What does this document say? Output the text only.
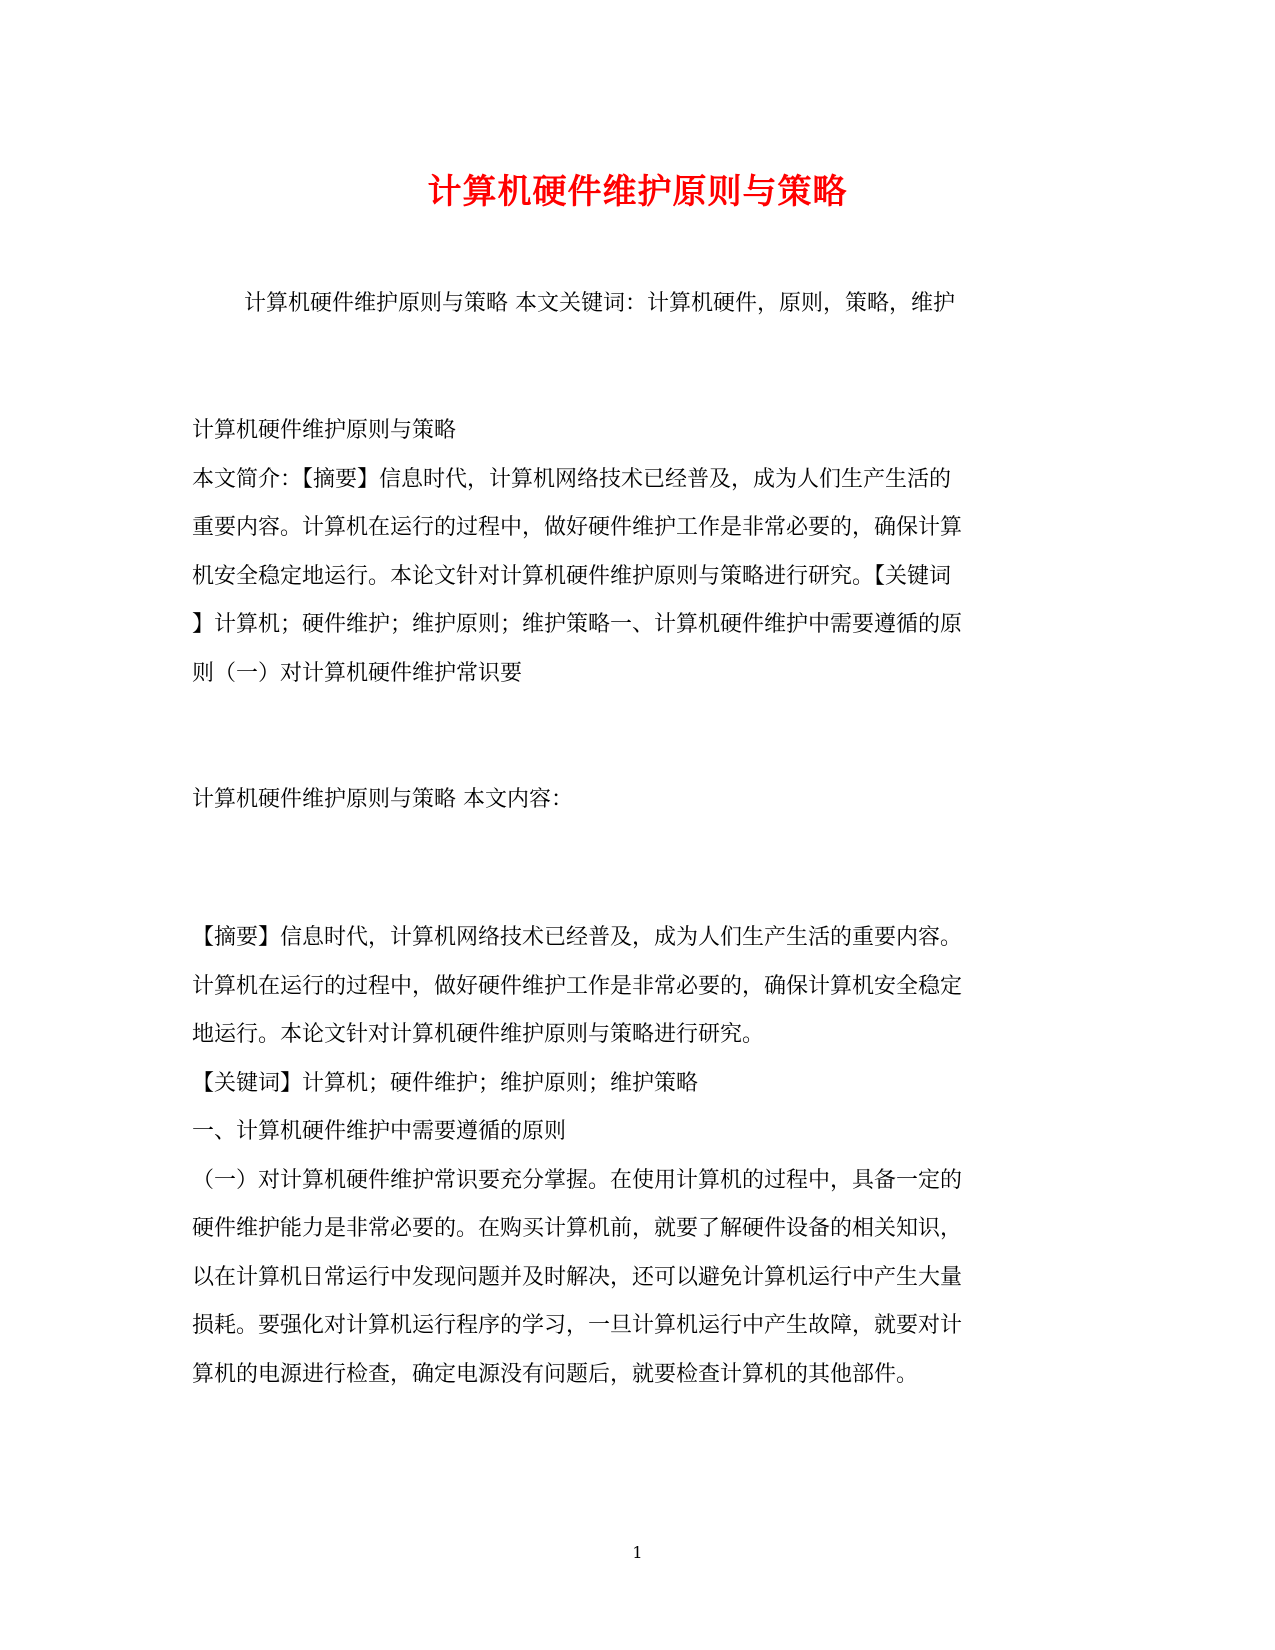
计算机硬件维护原则与策略
计算机硬件维护原则与策略 本文关键词：计算机硬件，原则，策略，维护
计算机硬件维护原则与策略
本文简介：【摘要】信息时代，计算机网络技术已经普及，成为人们生产生活的
重要内容。计算机在运行的过程中，做好硬件维护工作是非常必要的，确保计算
机安全稳定地运行。本论文针对计算机硬件维护原则与策略进行研究。【关键词
】计算机；硬件维护；维护原则；维护策略一、计算机硬件维护中需要遵循的原
则（一）对计算机硬件维护常识要
计算机硬件维护原则与策略 本文内容：
【摘要】信息时代，计算机网络技术已经普及，成为人们生产生活的重要内容。
计算机在运行的过程中，做好硬件维护工作是非常必要的，确保计算机安全稳定
地运行。本论文针对计算机硬件维护原则与策略进行研究。
【关键词】计算机；硬件维护；维护原则；维护策略
一、计算机硬件维护中需要遵循的原则
（一）对计算机硬件维护常识要充分掌握。在使用计算机的过程中，具备一定的
硬件维护能力是非常必要的。在购买计算机前，就要了解硬件设备的相关知识，
以在计算机日常运行中发现问题并及时解决，还可以避免计算机运行中产生大量
损耗。要强化对计算机运行程序的学习，一旦计算机运行中产生故障，就要对计
算机的电源进行检查，确定电源没有问题后，就要检查计算机的其他部件。
1
